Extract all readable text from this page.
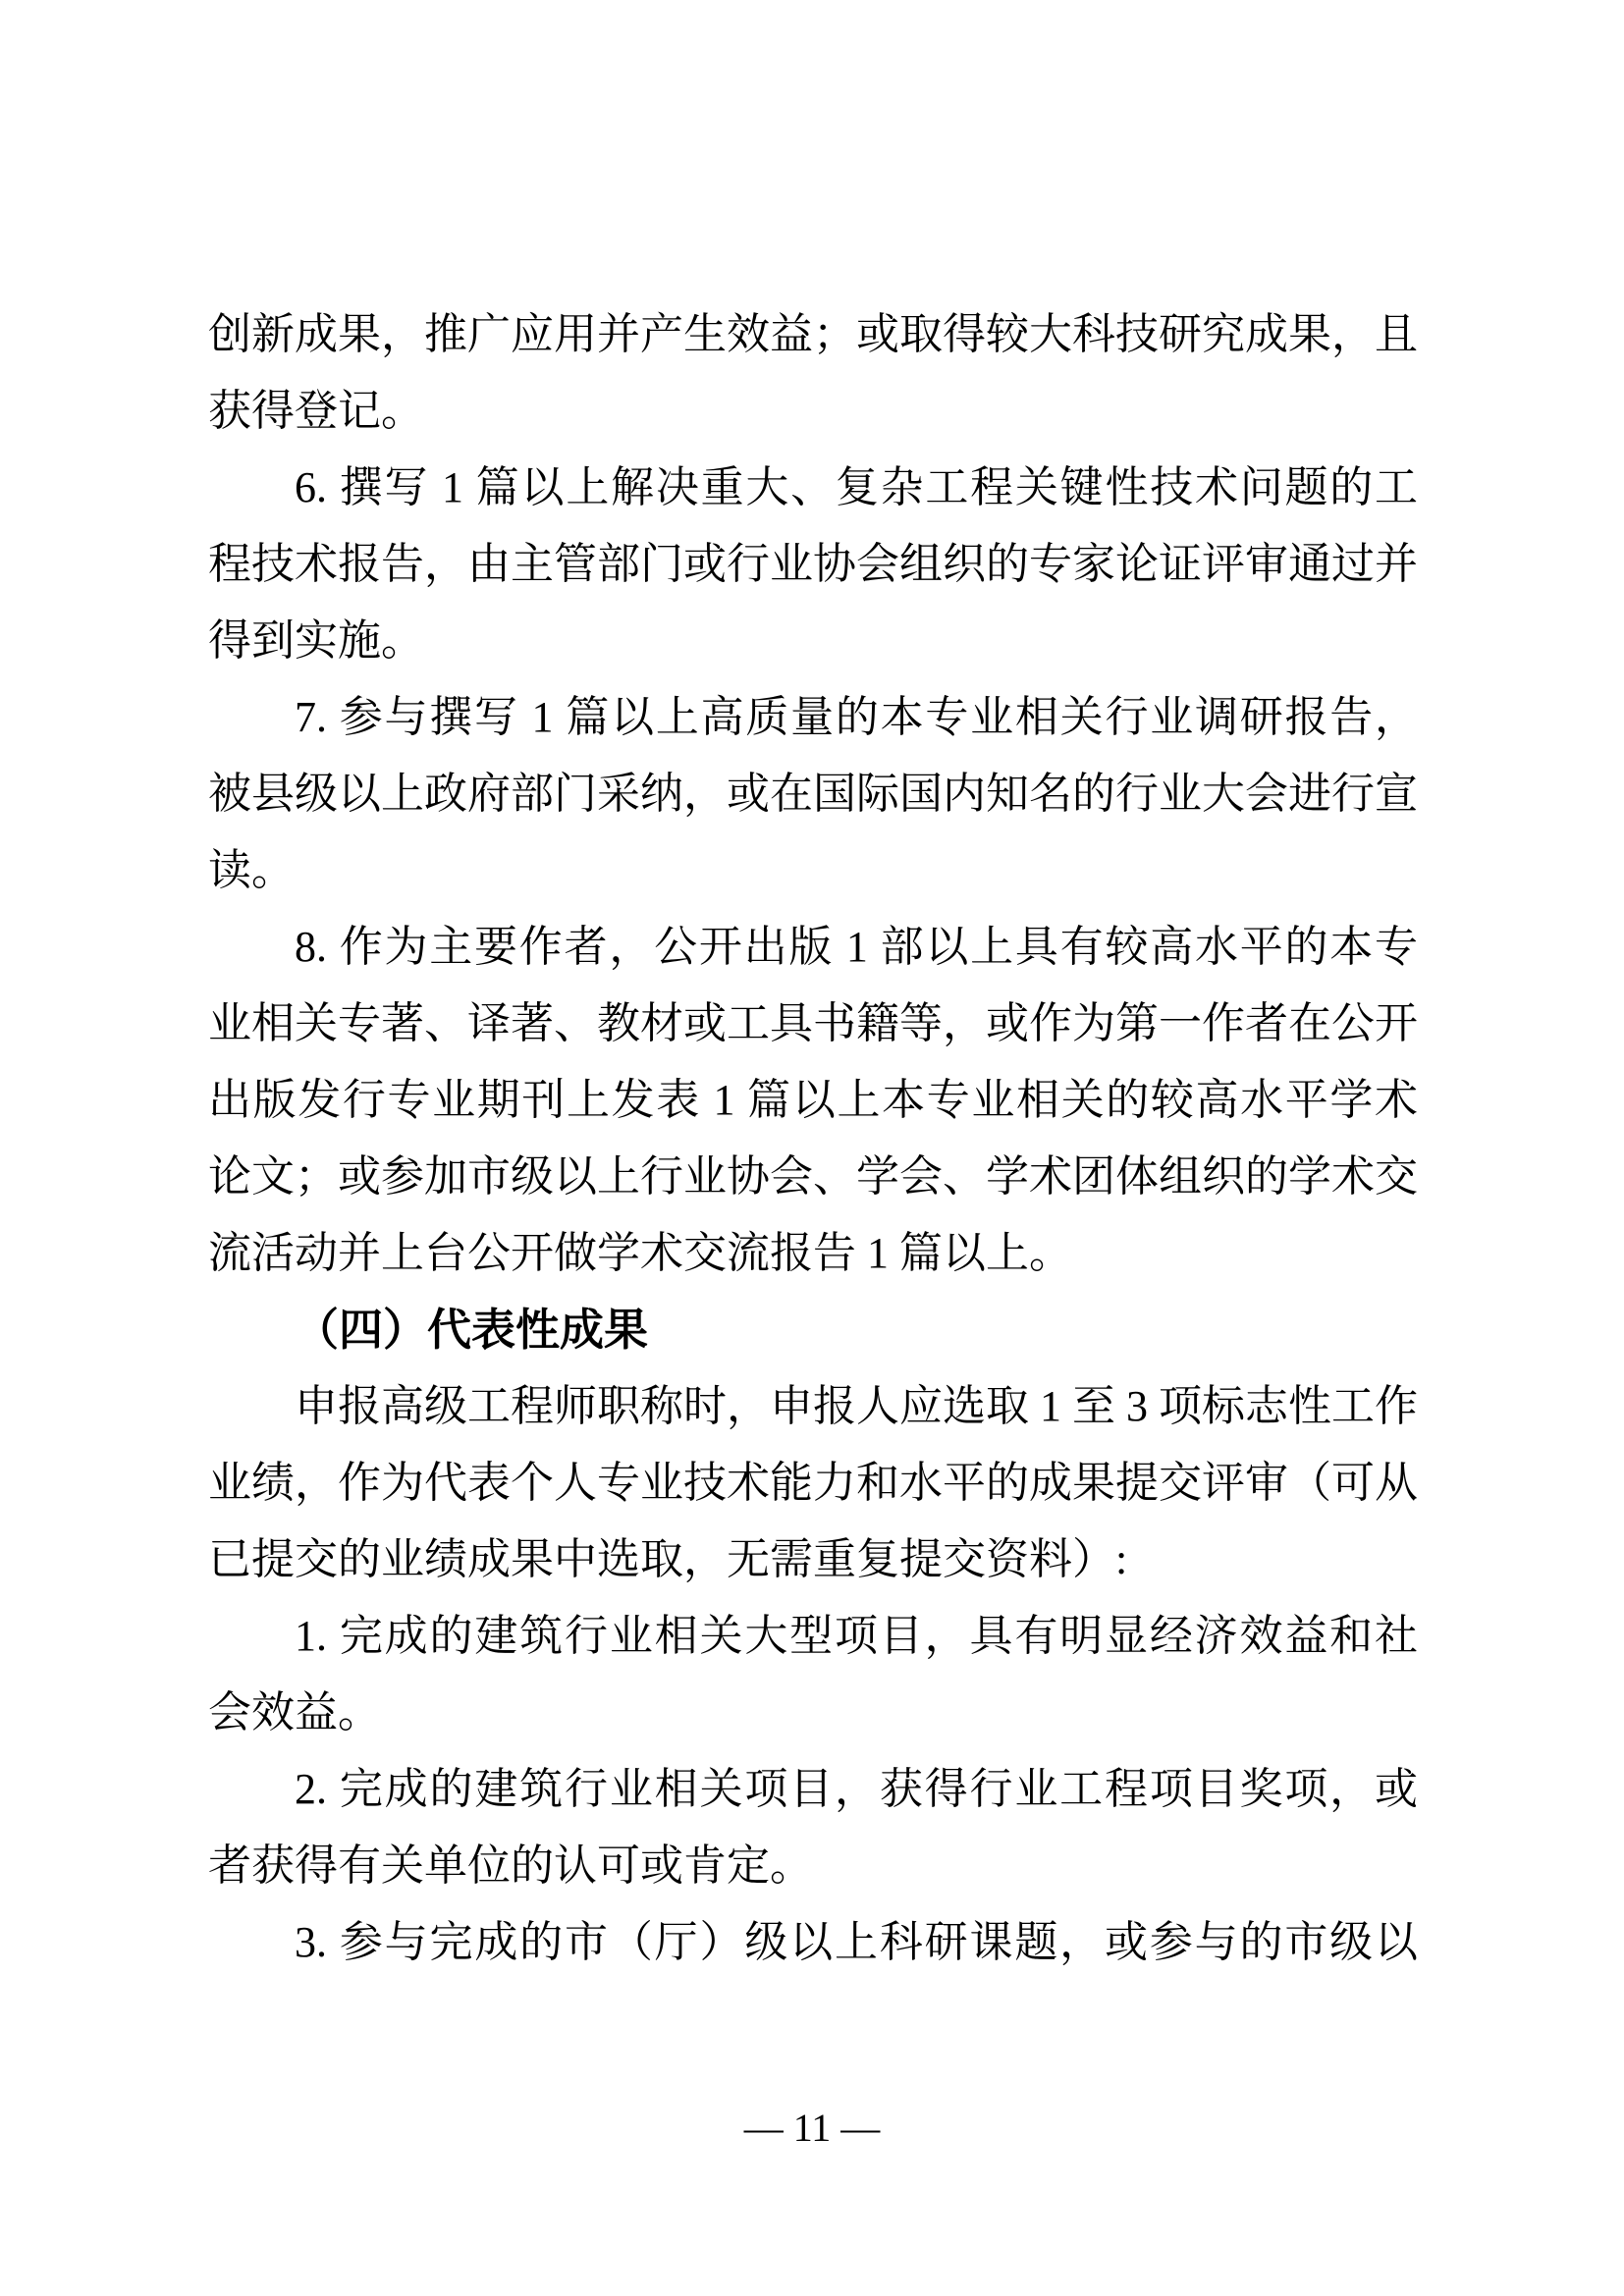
创新成果，推广应用并产生效益；或取得较大科技研究成果，且
获得登记。
6. 撰写 1 篇以上解决重大、复杂工程关键性技术问题的工
程技术报告，由主管部门或行业协会组织的专家论证评审通过并
得到实施。
7. 参与撰写 1 篇以上高质量的本专业相关行业调研报告，
被县级以上政府部门采纳，或在国际国内知名的行业大会进行宣
读。
8. 作为主要作者，公开出版 1 部以上具有较高水平的本专
业相关专著、译著、教材或工具书籍等，或作为第一作者在公开
出版发行专业期刊上发表 1 篇以上本专业相关的较高水平学术
论文；或参加市级以上行业协会、学会、学术团体组织的学术交
流活动并上台公开做学术交流报告 1 篇以上。
（四）代表性成果
申报高级工程师职称时，申报人应选取 1 至 3 项标志性工作
业绩，作为代表个人专业技术能力和水平的成果提交评审（可从
已提交的业绩成果中选取，无需重复提交资料）:
1. 完成的建筑行业相关大型项目，具有明显经济效益和社
会效益。
2. 完成的建筑行业相关项目，获得行业工程项目奖项，或
者获得有关单位的认可或肯定。
3. 参与完成的市（厅）级以上科研课题，或参与的市级以
— 11 —
